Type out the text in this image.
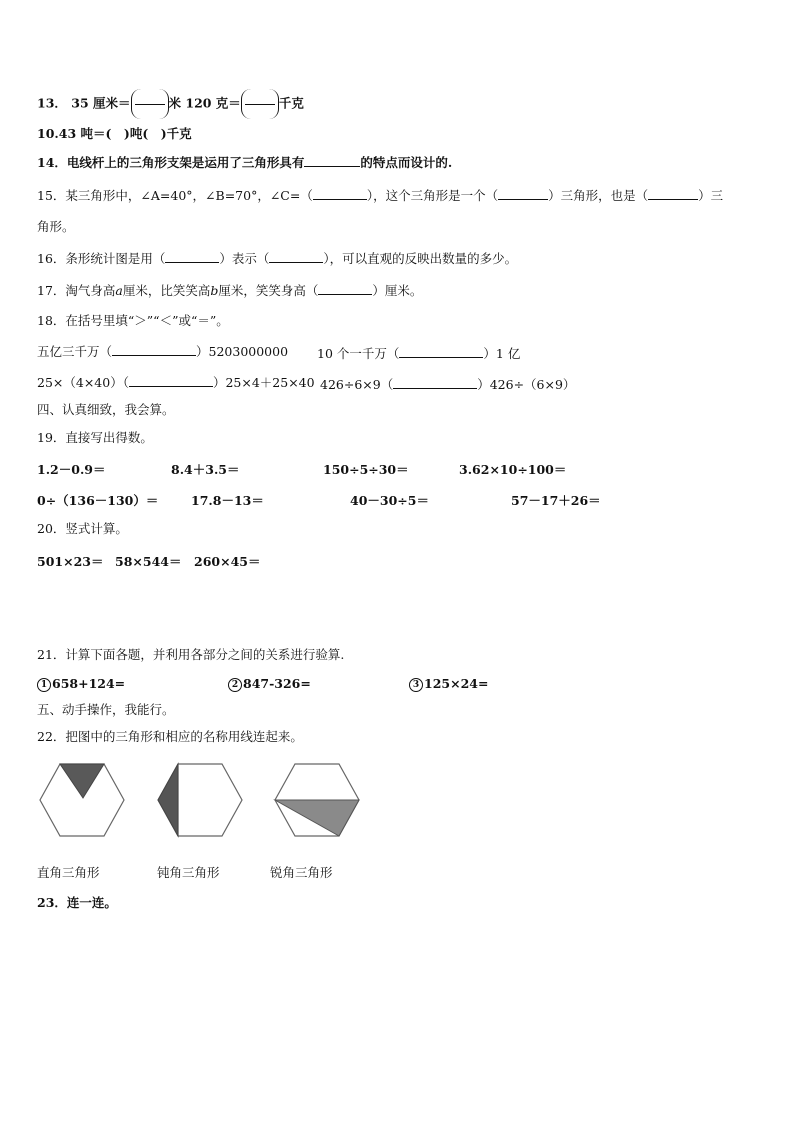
13． 35 厘米＝	米 120 克＝	千克
10.43 吨＝(　)吨(　)千克
14．电线杆上的三角形支架是运用了三角形具有	的特点而设计的.
15．某三角形中，∠A=40°，∠B=70°，∠C=（	），这个三角形是一个（	）三角形，也是（	）三
角形。
16．条形统计图是用（	）表示（	），可以直观的反映出数量的多少。
17．淘气身高a厘米，比笑笑高b厘米，笑笑身高（	）厘米。
18．在括号里填“＞”“＜”或“＝”。
五亿三千万（	）5203000000 10 个一千万（	）1 亿
25×（4×40）（	）25×4＋25×40 426÷6×9（	）426÷（6×9）
四、认真细致，我会算。
19．直接写出得数。
1.2－0.9＝	8.4＋3.5＝	150÷5÷30＝	3.62×10÷100＝
0÷（136－130）＝	17.8－13＝	40－30÷5＝	57－17＋26＝
20．竖式计算。
501×23＝ 58×544＝ 260×45＝
21．计算下面各题，并利用各部分之间的关系进行验算.
1 658+124=	2 847-326=	3 125×24=
五、动手操作，我能行。
22．把图中的三角形和相应的名称用线连起来。
直角三角形	钝角三角形	锐角三角形
23．连一连。
